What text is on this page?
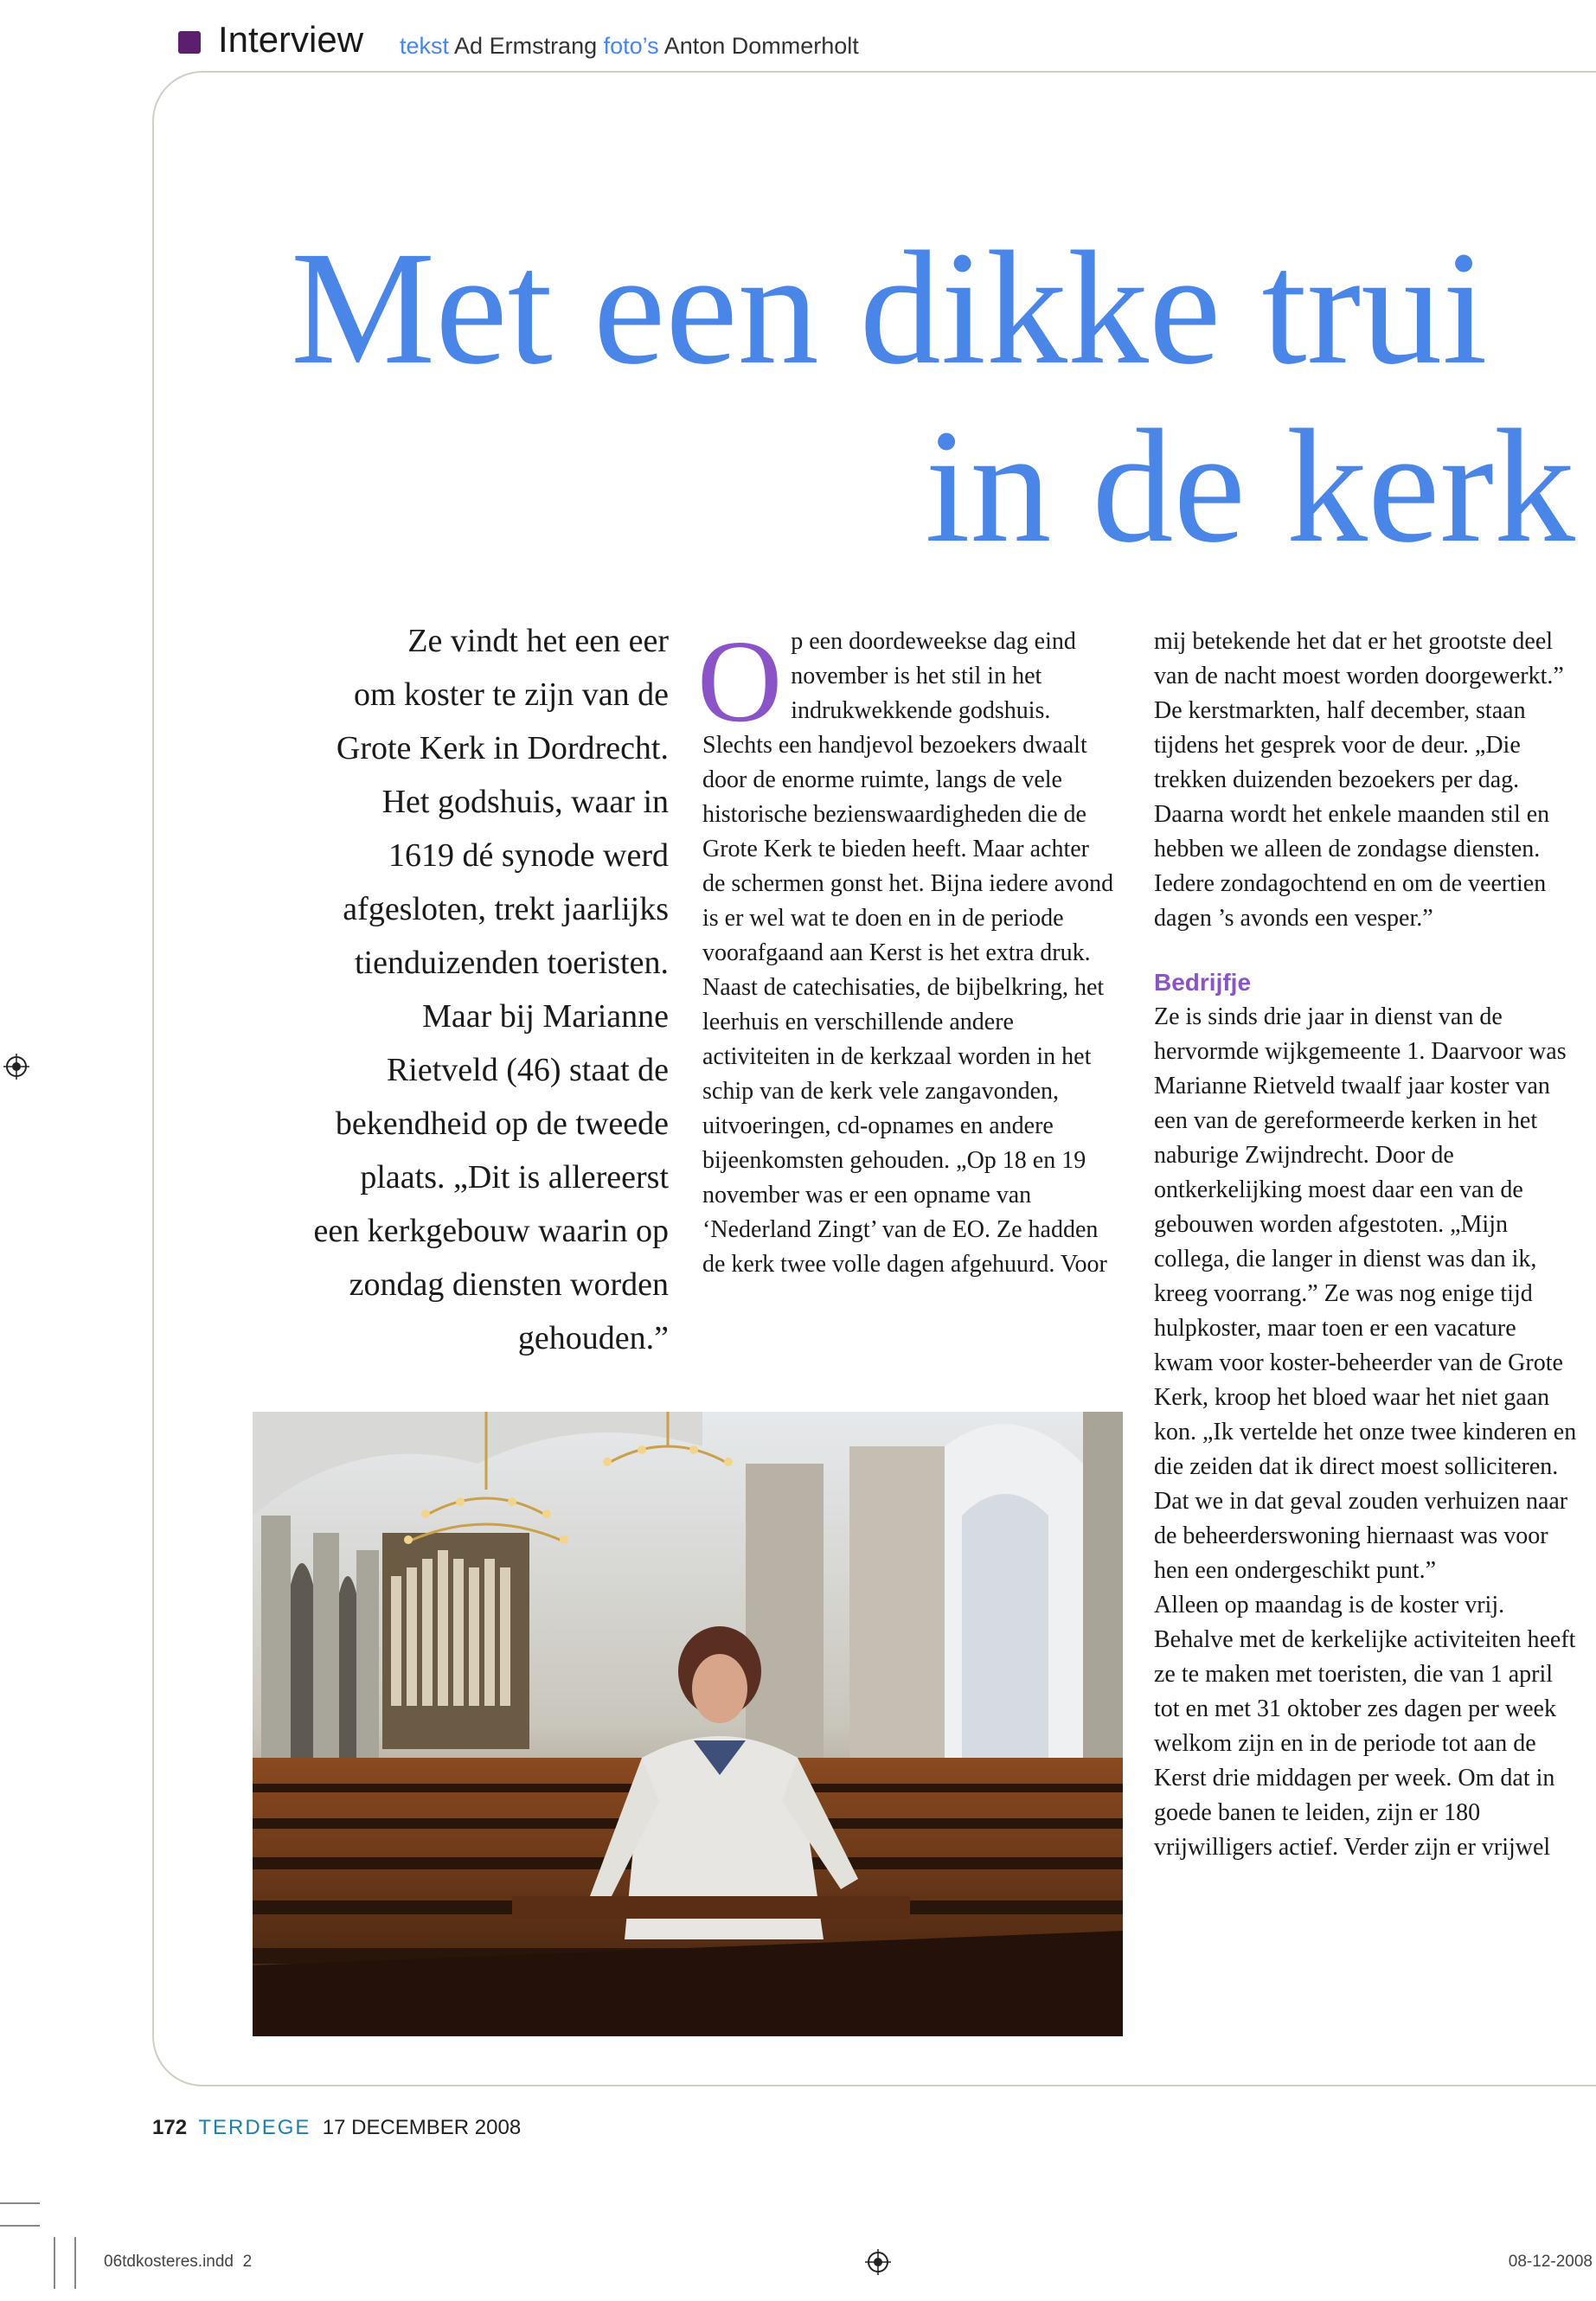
Interview tekst Ad Ermstrang foto’s Anton Dommerholt
Met een dikke trui
in de kerk

Ze vindt het een eer

om koster te zijn van de

Grote Kerk in Dordrecht.

Het godshuis, waar in

1619 dé synode werd

afgesloten, trekt jaarlijks

tienduizenden toeristen.

Maar bij Marianne

Rietveld (46) staat de

bekendheid op de tweede

plaats. „Dit is allereerst

een kerkgebouw waarin op

zondag diensten worden

gehouden.”

Op een doordeweekse dag eind november is het stil in het indrukwekkende godshuis. Slechts een handjevol bezoekers dwaalt door de enorme ruimte, langs de vele historische bezienswaardigheden die de Grote Kerk te bieden heeft. Maar achter de schermen gonst het. Bijna iedere avond is er wel wat te doen en in de periode voorafgaand aan Kerst is het extra druk.

Naast de catechisaties, de bijbelkring, het leerhuis en verschillende andere activiteiten in de kerkzaal worden in het schip van de kerk vele zangavonden, uitvoeringen, cd-opnames en andere bijeenkomsten gehouden. „Op 18 en 19 november was er een opname van ‘Nederland Zingt’ van de EO. Ze hadden de kerk twee volle dagen afgehuurd. Voor

mij betekende het dat er het grootste deel van de nacht moest worden doorgewerkt.”

De kerstmarkten, half december, staan tijdens het gesprek voor de deur. „Die trekken duizenden bezoekers per dag. Daarna wordt het enkele maanden stil en hebben we alleen de zondagse diensten. Iedere zondagochtend en om de veertien dagen ’s avonds een vesper.”

Bedrijfje

Ze is sinds drie jaar in dienst van de hervormde wijkgemeente 1. Daarvoor was Marianne Rietveld twaalf jaar koster van een van de gereformeerde kerken in het naburige Zwijndrecht. Door de ontkerkelijking moest daar een van de gebouwen worden afgestoten. „Mijn collega, die langer in dienst was dan ik, kreeg voorrang.” Ze was nog enige tijd hulpkoster, maar toen er een vacature kwam voor koster-beheerder van de Grote Kerk, kroop het bloed waar het niet gaan kon. „Ik vertelde het onze twee kinderen en die zeiden dat ik direct moest solliciteren. Dat we in dat geval zouden verhuizen naar de beheerderswoning hiernaast was voor hen een ondergeschikt punt.”

Alleen op maandag is de koster vrij. Behalve met de kerkelijke activiteiten heeft ze te maken met toeristen, die van 1 april tot en met 31 oktober zes dagen per week welkom zijn en in de periode tot aan de Kerst drie middagen per week. Om dat in goede banen te leiden, zijn er 180 vrijwilligers actief. Verder zijn er vrijwel

172 TERDEGE 17 DECEMBER 2008
06tdkosteres.indd 2	08-12-2008
